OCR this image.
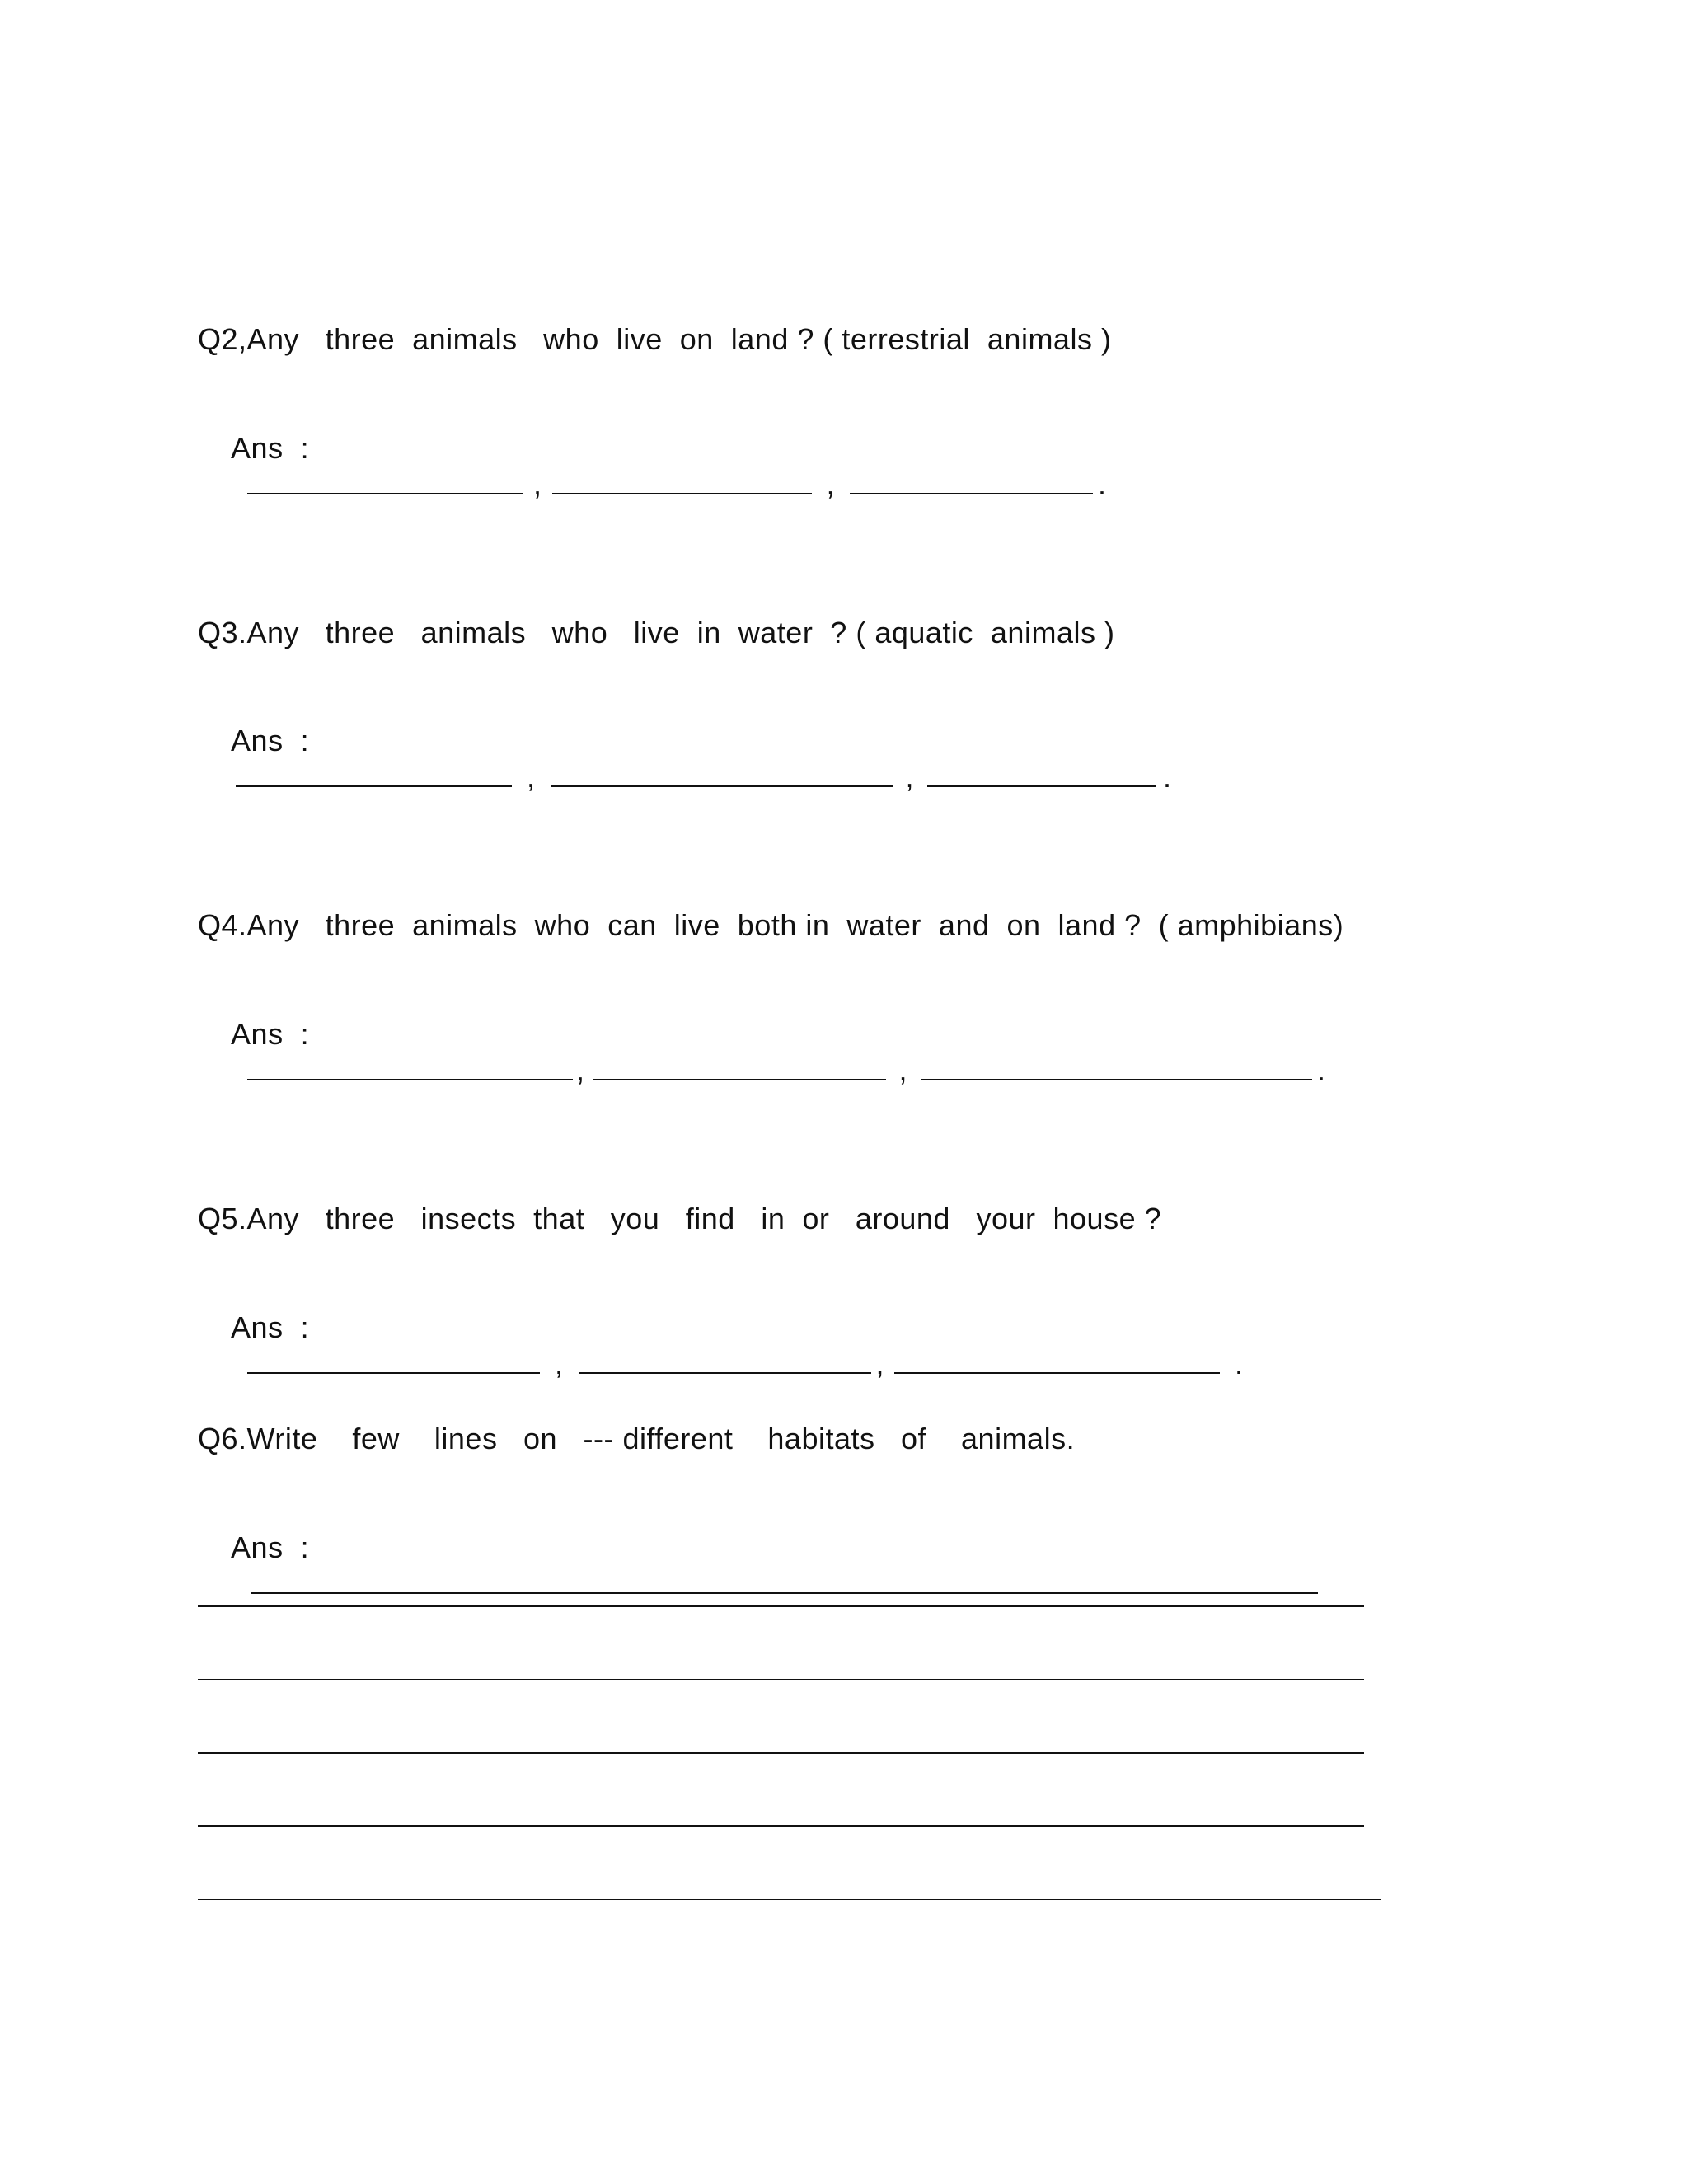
Q2,Any   three  animals   who  live  on  land ? ( terrestrial  animals )

Ans  :
,	,	.

Q3.Any   three   animals   who   live  in  water  ? ( aquatic  animals )

Ans  :
,	,	.

Q4.Any   three  animals  who  can  live  both in  water  and  on  land ?  ( amphibians)

Ans  :
,	,	.

Q5.Any   three   insects  that   you   find   in  or   around   your  house ?

Ans  :
,	,	.

Q6.Write    few    lines   on   --- different    habitats   of    animals.

Ans  :
